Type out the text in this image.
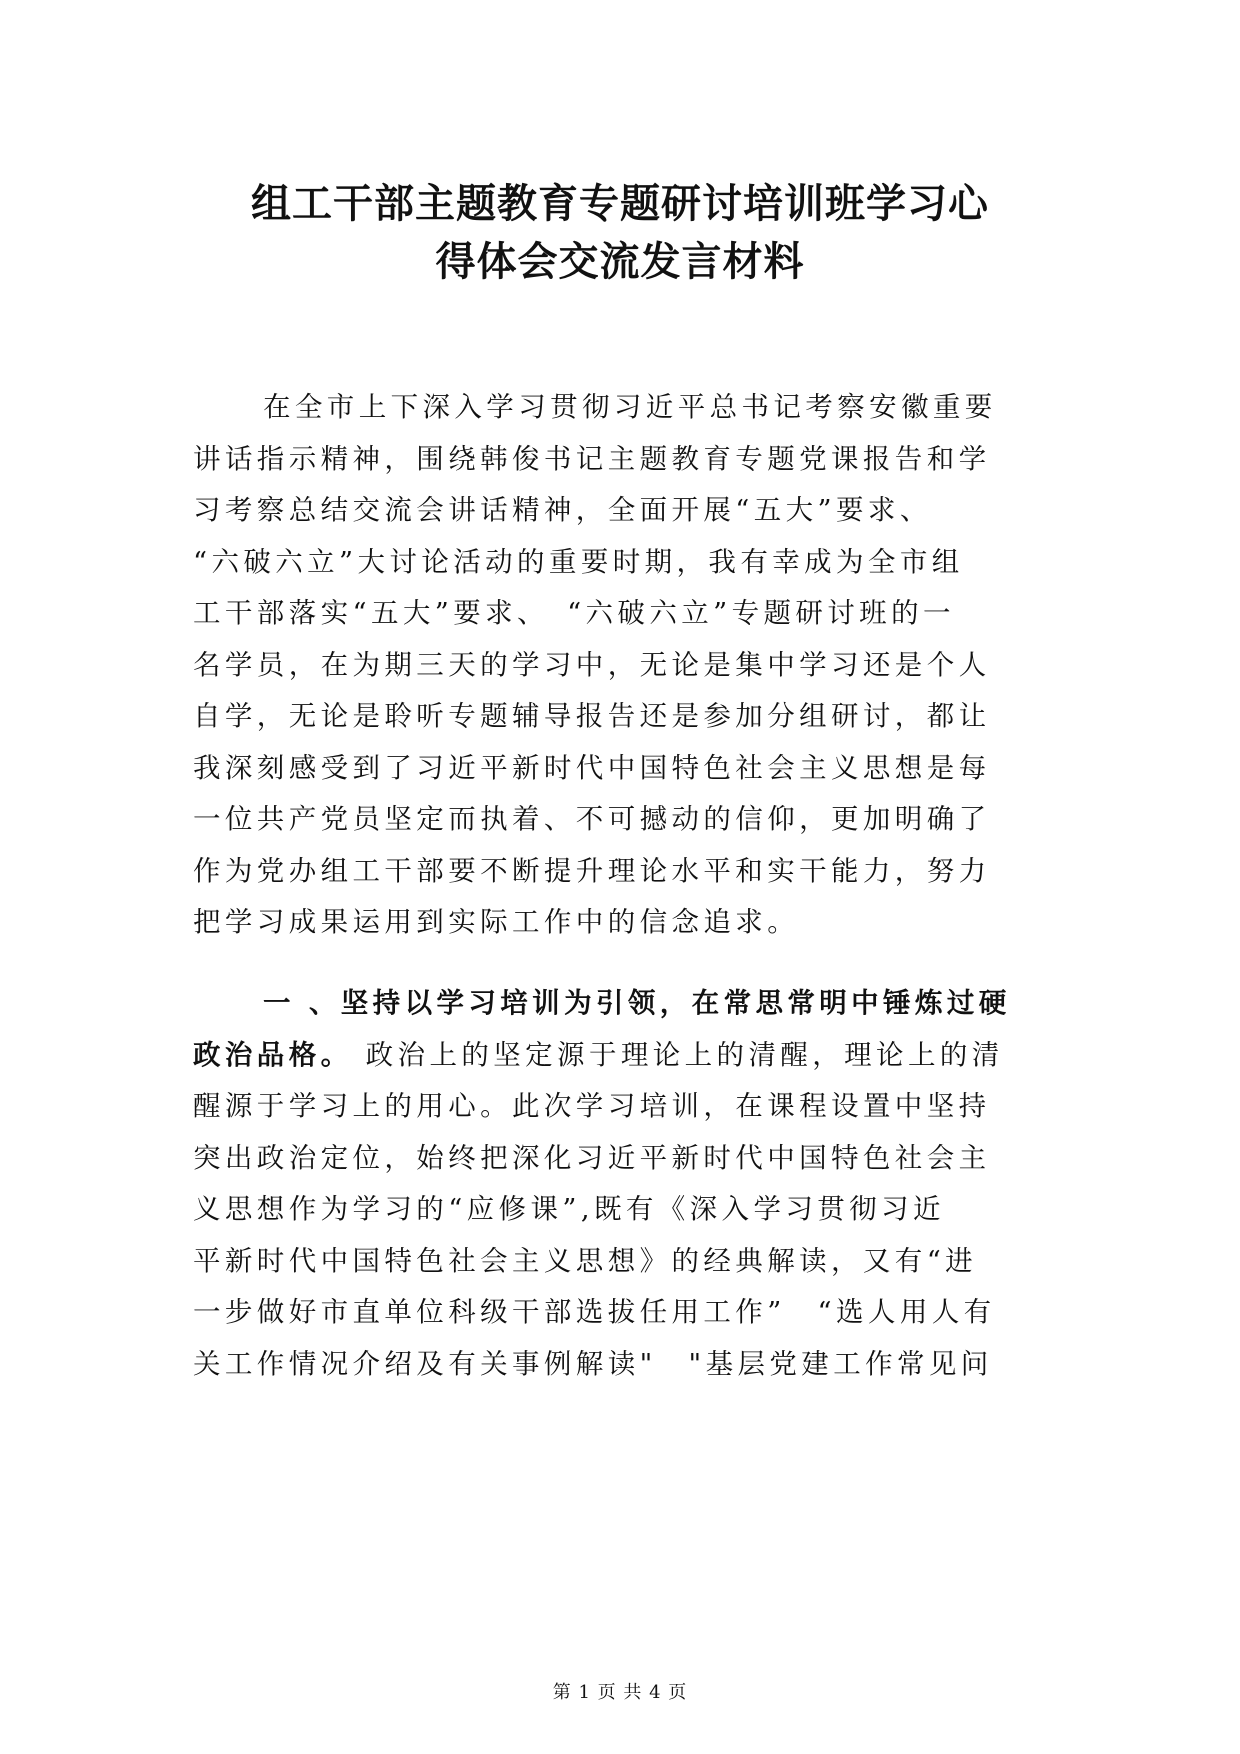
组工干部主题教育专题研讨培训班学习心
得体会交流发言材料
在全市上下深入学习贯彻习近平总书记考察安徽重要
讲话指示精神，围绕韩俊书记主题教育专题党课报告和学
习考察总结交流会讲话精神，全面开展“五大”要求、
“六破六立”大讨论活动的重要时期，我有幸成为全市组
工干部落实“五大”要求、　“六破六立”专题研讨班的一
名学员，在为期三天的学习中，无论是集中学习还是个人
自学，无论是聆听专题辅导报告还是参加分组研讨，都让
我深刻感受到了习近平新时代中国特色社会主义思想是每
一位共产党员坚定而执着、不可撼动的信仰，更加明确了
作为党办组工干部要不断提升理论水平和实干能力，努力
把学习成果运用到实际工作中的信念追求。
一 、坚持以学习培训为引领，在常思常明中锤炼过硬
政治品格。 政治上的坚定源于理论上的清醒，理论上的清
醒源于学习上的用心。此次学习培训，在课程设置中坚持
突出政治定位，始终把深化习近平新时代中国特色社会主
义思想作为学习的“应修课”,既有《深入学习贯彻习近
平新时代中国特色社会主义思想》的经典解读，又有“进
一步做好市直单位科级干部选拔任用工作”　“选人用人有
关工作情况介绍及有关事例解读"　"基层党建工作常见问
第 1 页 共 4 页
